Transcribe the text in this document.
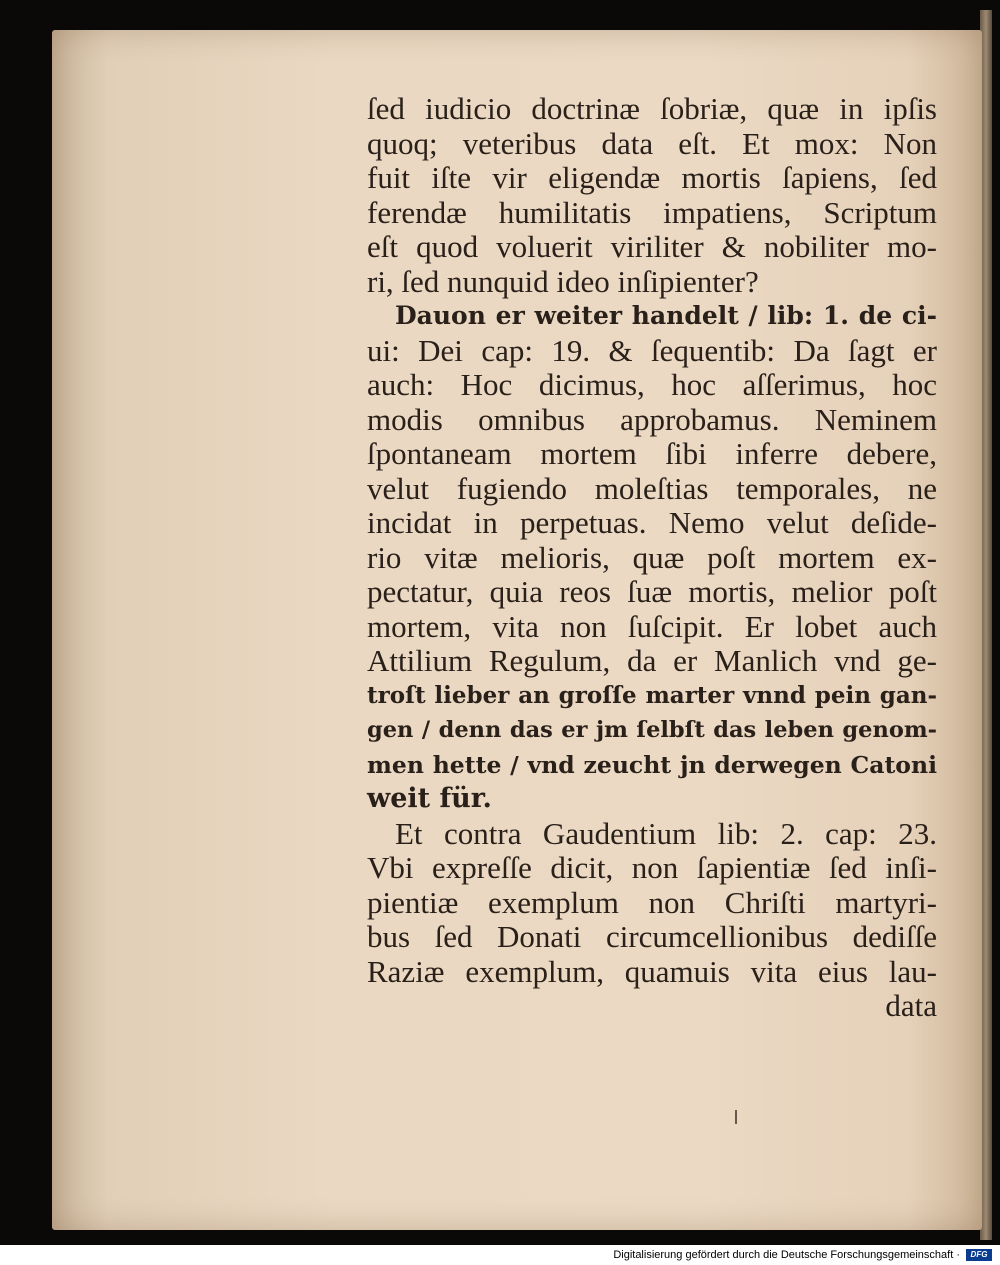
ſed iudicio doctrinæ ſobriæ, quæ in ipſis
quoq; veteribus data eſt. Et mox: Non
fuit iſte vir eligendæ mortis ſapiens, ſed
ferendæ humilitatis impatiens, Scriptum
eſt quod voluerit viriliter & nobiliter mo-
ri, ſed nunquid ideo inſipienter?
Dauon er weiter handelt / lib: 1. de ci-
ui: Dei cap: 19. & ſequentib: Da ſagt er
auch: Hoc dicimus, hoc aſſerimus, hoc
modis omnibus approbamus. Neminem
ſpontaneam mortem ſibi inferre debere,
velut fugiendo moleſtias temporales, ne
incidat in perpetuas. Nemo velut deſide-
rio vitæ melioris, quæ poſt mortem ex-
pectatur, quia reos ſuæ mortis, melior poſt
mortem, vita non ſuſcipit. Er lobet auch
Attilium Regulum, da er Manlich vnd ge-
troſt lieber an groſſe marter vnnd pein gan-
gen / denn das er jm ſelbſt das leben genom-
men hette / vnd zeucht jn derwegen Catoni
weit für.
Et contra Gaudentium lib: 2. cap: 23.
Vbi expreſſe dicit, non ſapientiæ ſed inſi-
pientiæ exemplum non Chriſti martyri-
bus ſed Donati circumcellionibus dediſſe
Raziæ exemplum, quamuis vita eius lau-
data
Digitalisierung gefördert durch die Deutsche Forschungsgemeinschaft ·	DFG
